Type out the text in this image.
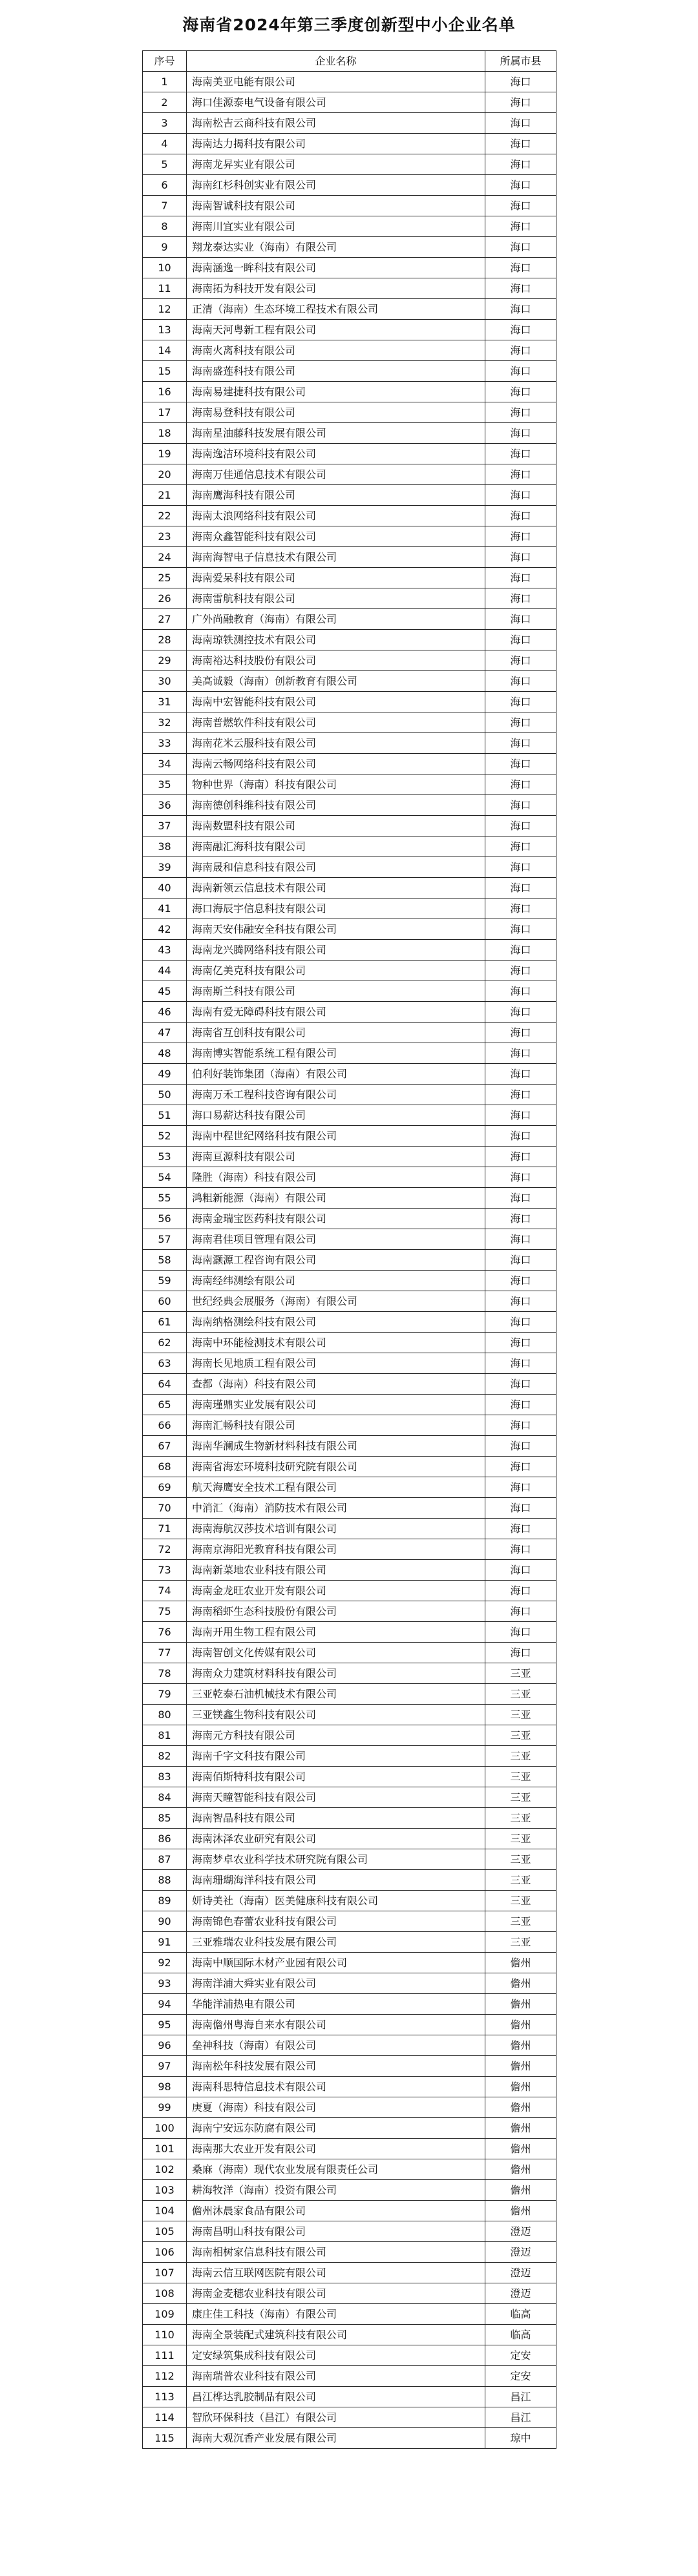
海南省2024年第三季度创新型中小企业名单
序号	企业名称	所属市县
1	海南美亚电能有限公司	海口
2	海口佳源泰电气设备有限公司	海口
3	海南松吉云商科技有限公司	海口
4	海南达力揭科技有限公司	海口
5	海南龙昇实业有限公司	海口
6	海南红杉科创实业有限公司	海口
7	海南智诚科技有限公司	海口
8	海南川宜实业有限公司	海口
9	翔龙泰达实业（海南）有限公司	海口
10	海南涵逸一眸科技有限公司	海口
11	海南拓为科技开发有限公司	海口
12	正清（海南）生态环境工程技术有限公司	海口
13	海南天河粤新工程有限公司	海口
14	海南火离科技有限公司	海口
15	海南盛莲科技有限公司	海口
16	海南易建捷科技有限公司	海口
17	海南易登科技有限公司	海口
18	海南星油藤科技发展有限公司	海口
19	海南逸洁环境科技有限公司	海口
20	海南万佳通信息技术有限公司	海口
21	海南鹰海科技有限公司	海口
22	海南太浪网络科技有限公司	海口
23	海南众鑫智能科技有限公司	海口
24	海南海智电子信息技术有限公司	海口
25	海南爱呆科技有限公司	海口
26	海南雷航科技有限公司	海口
27	广外尚融教育（海南）有限公司	海口
28	海南琼铁测控技术有限公司	海口
29	海南裕达科技股份有限公司	海口
30	美高诚毅（海南）创新教育有限公司	海口
31	海南中宏智能科技有限公司	海口
32	海南普燃软件科技有限公司	海口
33	海南花米云服科技有限公司	海口
34	海南云畅网络科技有限公司	海口
35	物种世界（海南）科技有限公司	海口
36	海南德创科维科技有限公司	海口
37	海南数盟科技有限公司	海口
38	海南融汇海科技有限公司	海口
39	海南晟和信息科技有限公司	海口
40	海南新领云信息技术有限公司	海口
41	海口海辰宇信息科技有限公司	海口
42	海南天安伟融安全科技有限公司	海口
43	海南龙兴腾网络科技有限公司	海口
44	海南亿美克科技有限公司	海口
45	海南斯兰科技有限公司	海口
46	海南有爱无障碍科技有限公司	海口
47	海南省互创科技有限公司	海口
48	海南博实智能系统工程有限公司	海口
49	伯利好装饰集团（海南）有限公司	海口
50	海南万禾工程科技咨询有限公司	海口
51	海口易薪达科技有限公司	海口
52	海南中程世纪网络科技有限公司	海口
53	海南亘源科技有限公司	海口
54	隆胜（海南）科技有限公司	海口
55	鸿粗新能源（海南）有限公司	海口
56	海南金瑞宝医药科技有限公司	海口
57	海南君佳项目管理有限公司	海口
58	海南灏源工程咨询有限公司	海口
59	海南经纬测绘有限公司	海口
60	世纪经典会展服务（海南）有限公司	海口
61	海南纳格测绘科技有限公司	海口
62	海南中环能检测技术有限公司	海口
63	海南长见地质工程有限公司	海口
64	查都（海南）科技有限公司	海口
65	海南瑾鼎实业发展有限公司	海口
66	海南汇畅科技有限公司	海口
67	海南华澜成生物新材料科技有限公司	海口
68	海南省海宏环境科技研究院有限公司	海口
69	航天海鹰安全技术工程有限公司	海口
70	中消汇（海南）消防技术有限公司	海口
71	海南海航汉莎技术培训有限公司	海口
72	海南京海阳光教育科技有限公司	海口
73	海南新菜地农业科技有限公司	海口
74	海南金龙旺农业开发有限公司	海口
75	海南稻虾生态科技股份有限公司	海口
76	海南开用生物工程有限公司	海口
77	海南智创文化传媒有限公司	海口
78	海南众力建筑材料科技有限公司	三亚
79	三亚乾泰石油机械技术有限公司	三亚
80	三亚镁鑫生物科技有限公司	三亚
81	海南元方科技有限公司	三亚
82	海南千字文科技有限公司	三亚
83	海南佰斯特科技有限公司	三亚
84	海南天瞳智能科技有限公司	三亚
85	海南智晶科技有限公司	三亚
86	海南沐泽农业研究有限公司	三亚
87	海南梦卓农业科学技术研究院有限公司	三亚
88	海南珊瑚海洋科技有限公司	三亚
89	妍诗美社（海南）医美健康科技有限公司	三亚
90	海南锦色春蕾农业科技有限公司	三亚
91	三亚雅瑞农业科技发展有限公司	三亚
92	海南中顺国际木材产业园有限公司	儋州
93	海南洋浦大舜实业有限公司	儋州
94	华能洋浦热电有限公司	儋州
95	海南儋州粤海自来水有限公司	儋州
96	垒神科技（海南）有限公司	儋州
97	海南松年科技发展有限公司	儋州
98	海南科思特信息技术有限公司	儋州
99	庚夏（海南）科技有限公司	儋州
100	海南宁安远东防腐有限公司	儋州
101	海南那大农业开发有限公司	儋州
102	桑麻（海南）现代农业发展有限责任公司	儋州
103	耕海牧洋（海南）投资有限公司	儋州
104	儋州沐晨家食品有限公司	儋州
105	海南昌明山科技有限公司	澄迈
106	海南相树家信息科技有限公司	澄迈
107	海南云信互联网医院有限公司	澄迈
108	海南金麦穗农业科技有限公司	澄迈
109	康庄佳工科技（海南）有限公司	临高
110	海南全景装配式建筑科技有限公司	临高
111	定安绿筑集成科技有限公司	定安
112	海南瑞普农业科技有限公司	定安
113	昌江桦达乳胶制品有限公司	昌江
114	智欣环保科技（昌江）有限公司	昌江
115	海南大观沉香产业发展有限公司	琼中
